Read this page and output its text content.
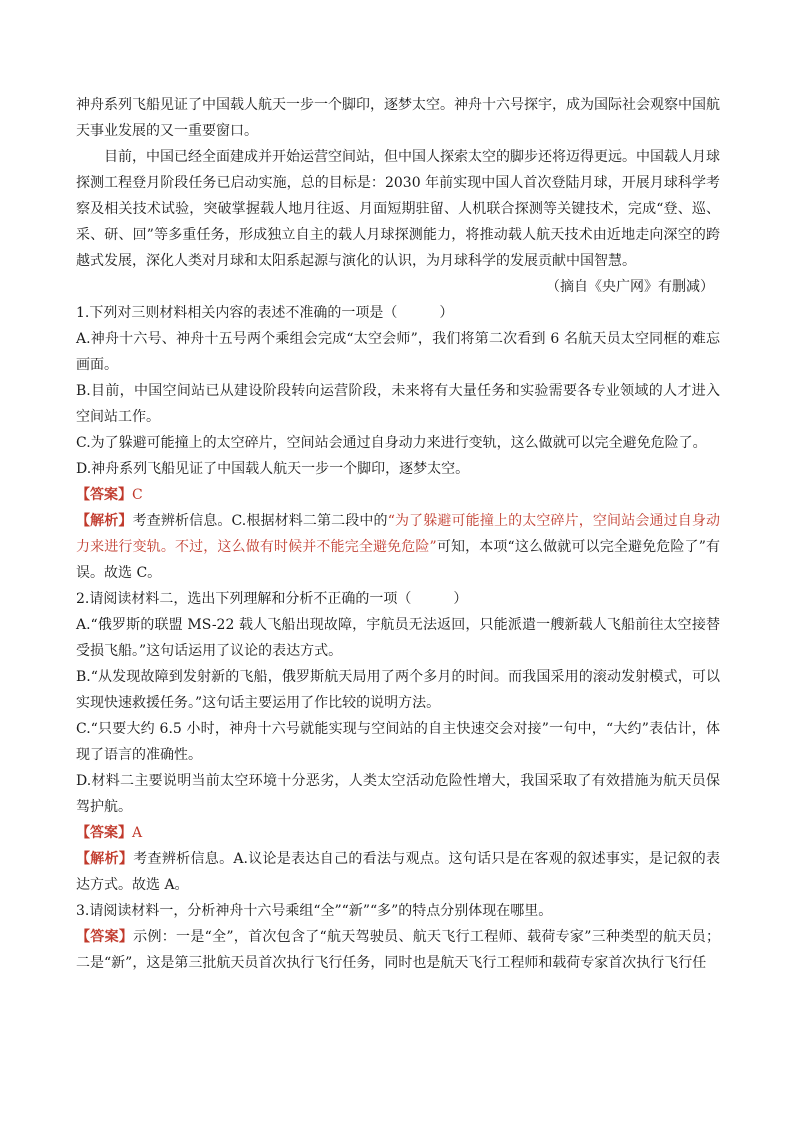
神舟系列飞船见证了中国载人航天一步一个脚印，逐梦太空。神舟十六号探宇，成为国际社会观察中国航天事业发展的又一重要窗口。

目前，中国已经全面建成并开始运营空间站，但中国人探索太空的脚步还将迈得更远。中国载人月球探测工程登月阶段任务已启动实施，总的目标是：2030 年前实现中国人首次登陆月球，开展月球科学考察及相关技术试验，突破掌握载人地月往返、月面短期驻留、人机联合探测等关键技术，完成“登、巡、采、研、回”等多重任务，形成独立自主的载人月球探测能力，将推动载人航天技术由近地走向深空的跨越式发展，深化人类对月球和太阳系起源与演化的认识，为月球科学的发展贡献中国智慧。

（摘自《央广网》有删减）

1.下列对三则材料相关内容的表述不准确的一项是（　　　）

A.神舟十六号、神舟十五号两个乘组会完成“太空会师”，我们将第二次看到 6 名航天员太空同框的难忘画面。

B.目前，中国空间站已从建设阶段转向运营阶段，未来将有大量任务和实验需要各专业领域的人才进入空间站工作。

C.为了躲避可能撞上的太空碎片，空间站会通过自身动力来进行变轨，这么做就可以完全避免危险了。

D.神舟系列飞船见证了中国载人航天一步一个脚印，逐梦太空。

【答案】C

【解析】考查辨析信息。C.根据材料二第二段中的“为了躲避可能撞上的太空碎片，空间站会通过自身动力来进行变轨。不过，这么做有时候并不能完全避免危险”可知，本项“这么做就可以完全避免危险了”有误。故选 C。

2.请阅读材料二，选出下列理解和分析不正确的一项（　　　）

A.“俄罗斯的联盟 MS-22 载人飞船出现故障，宇航员无法返回，只能派遣一艘新载人飞船前往太空接替受损飞船。”这句话运用了议论的表达方式。

B.“从发现故障到发射新的飞船，俄罗斯航天局用了两个多月的时间。而我国采用的滚动发射模式，可以实现快速救援任务。”这句话主要运用了作比较的说明方法。

C.“只要大约 6.5 小时，神舟十六号就能实现与空间站的自主快速交会对接”一句中，“大约”表估计，体现了语言的准确性。

D.材料二主要说明当前太空环境十分恶劣，人类太空活动危险性增大，我国采取了有效措施为航天员保驾护航。

【答案】A

【解析】考查辨析信息。A.议论是表达自己的看法与观点。这句话只是在客观的叙述事实，是记叙的表达方式。故选 A。

3.请阅读材料一，分析神舟十六号乘组“全”“新”“多”的特点分别体现在哪里。

【答案】示例：一是“全”，首次包含了“航天驾驶员、航天飞行工程师、载荷专家”三种类型的航天员；二是“新”，这是第三批航天员首次执行飞行任务，同时也是航天飞行工程师和载荷专家首次执行飞行任
